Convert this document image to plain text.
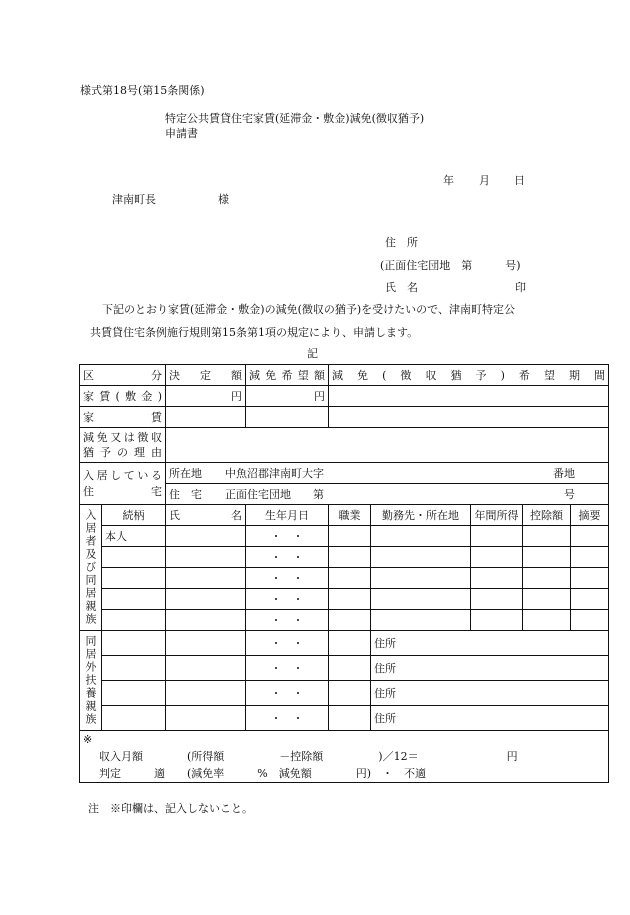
様式第18号(第15条関係)
特定公共賃貸住宅家賃(延滞金・敷金)減免(徴収猶予)
申請書
年 月 日
津南町長	様
住　所
(正面住宅団地　第　　　号)
氏　名	印
下記のとおり家賃(延滞金・敷金)の減免(徴収の猶予)を受けたいので、津南町特定公
共賃貸住宅条例施行規則第15条第1項の規定により、申請します。
記
区　分		決　定　額	減免希望額	減免(徴収猶予)希望期間				
家賃(敷金)		円	円					
家　賃								

減免又は徴収
猶予の理由								

入居している
住　宅		所在地 中魚沼郡津南町大字 番地						

		住　宅 正面住宅団地　　第 号						

入居者及び同居親族	続柄	氏　名	生年月日	職業	勤務先・所在地	年間所得	控除額	摘要
	本人		・　・					
			・　・					
			・　・					
			・　・					
			・　・					
同居外扶養親族			・　・		住所			
			・　・		住所			
			・　・		住所			
			・　・		住所			

※
収入月額　　　　(所得額　　　　　－控除額　　　　　)／12＝　　　　　　　　円
判定　　　適　　(減免率　　　%　減免額　　　　円)　・　不適								
注　※印欄は、記入しないこと。
